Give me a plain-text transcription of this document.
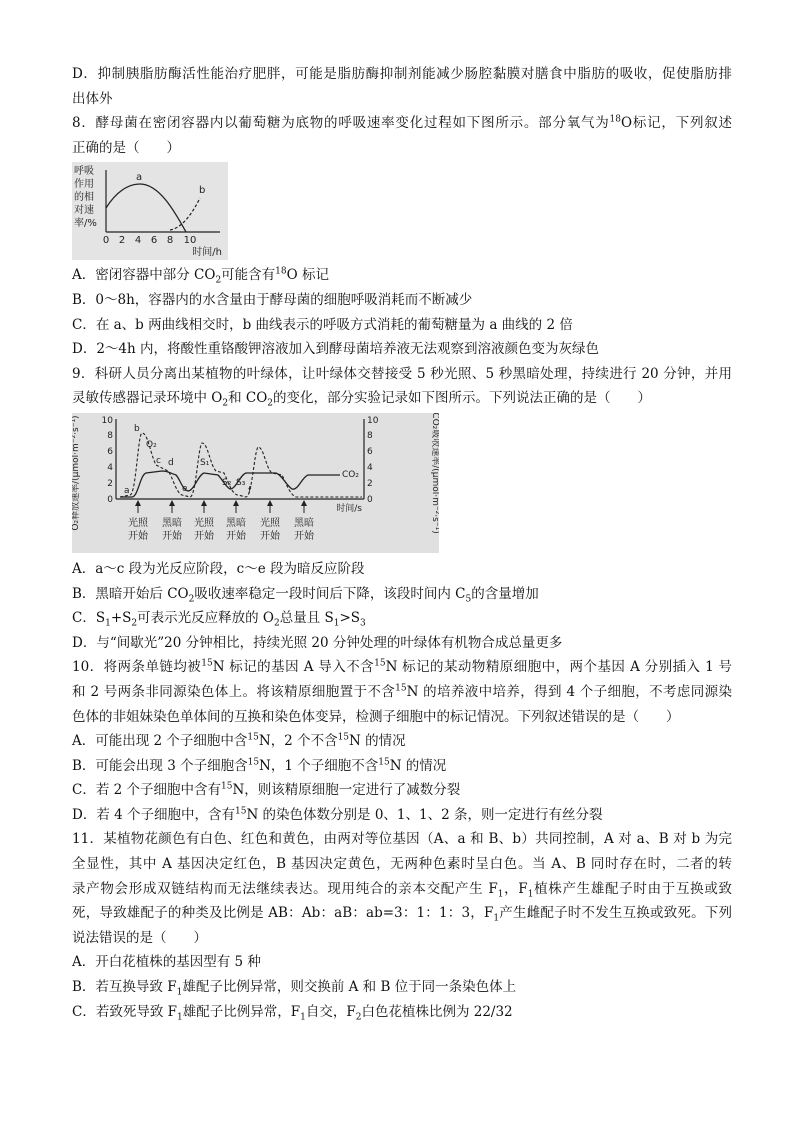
D．抑制胰脂肪酶活性能治疗肥胖，可能是脂肪酶抑制剂能减少肠腔黏膜对膳食中脂肪的吸收，促使脂肪排
出体外
8．酵母菌在密闭容器内以葡萄糖为底物的呼吸速率变化过程如下图所示。部分氧气为$^{18}$O标记，下列叙述
正确的是（　　）
呼吸
作用
的相
对速
率/%
a
b
0 2 4 6 8 10
时间/h
A．密闭容器中部分 $CO_2$可能含有$^{18}$O 标记
B．0～8h，容器内的水含量由于酵母菌的细胞呼吸消耗而不断减少
C．在 a、b 两曲线相交时，b 曲线表示的呼吸方式消耗的葡萄糖量为 a 曲线的 2 倍
D．2～4h 内，将酸性重铬酸钾溶液加入到酵母菌培养液无法观察到溶液颜色变为灰绿色
9．科研人员分离出某植物的叶绿体，让叶绿体交替接受 5 秒光照、5 秒黑暗处理，持续进行 20 分钟，并用
灵敏传感器记录环境中 $O_2$和 $CO_2$的变化，部分实验记录如下图所示。下列说法正确的是（　　）
O₂释放速率/(μmol·m⁻²·s⁻¹)	CO₂吸收速率/(μmol·m⁻²·s⁻¹)
0
2
4
6
8
10
0
2
4
6
8
10
O₂
CO₂
a
b
c d
e	f
S₁
S₂ S₃
时间/s
光照
开始
黑暗
开始
光照
开始
黑暗
开始
光照
开始
黑暗
开始
A．a～c 段为光反应阶段，c～e 段为暗反应阶段
B．黑暗开始后 $CO_2$吸收速率稳定一段时间后下降，该段时间内 $C_5$的含量增加
C．$S_1+S_2$可表示光反应释放的 $O_2$总量且 $S_1>S_3$
D．与“间歇光”20 分钟相比，持续光照 20 分钟处理的叶绿体有机物合成总量更多
10．将两条单链均被$^{15}$N 标记的基因 A 导入不含$^{15}$N 标记的某动物精原细胞中，两个基因 A 分别插入 1 号
和 2 号两条非同源染色体上。将该精原细胞置于不含$^{15}$N 的培养液中培养，得到 4 个子细胞，不考虑同源染
色体的非姐妹染色单体间的互换和染色体变异，检测子细胞中的标记情况。下列叙述错误的是（　　）
A．可能出现 2 个子细胞中含$^{15}$N，2 个不含$^{15}$N 的情况
B．可能会出现 3 个子细胞含$^{15}$N，1 个子细胞不含$^{15}$N 的情况
C．若 2 个子细胞中含有$^{15}$N，则该精原细胞一定进行了减数分裂
D．若 4 个子细胞中，含有$^{15}$N 的染色体数分别是 0、1、1、2 条，则一定进行有丝分裂
11．某植物花颜色有白色、红色和黄色，由两对等位基因（A、a 和 B、b）共同控制，A 对 a、B 对 b 为完
全显性，其中 A 基因决定红色，B 基因决定黄色，无两种色素时呈白色。当 A、B 同时存在时，二者的转
录产物会形成双链结构而无法继续表达。现用纯合的亲本交配产生 $F_1$，$F_1$植株产生雄配子时由于互换或致
死，导致雄配子的种类及比例是 AB：Ab：aB：ab=3：1：1：3，$F_1$产生雌配子时不发生互换或致死。下列
说法错误的是（　　）
A．开白花植株的基因型有 5 种
B．若互换导致 $F_1$雄配子比例异常，则交换前 A 和 B 位于同一条染色体上
C．若致死导致 $F_1$雄配子比例异常，$F_1$自交，$F_2$白色花植株比例为 22/32
